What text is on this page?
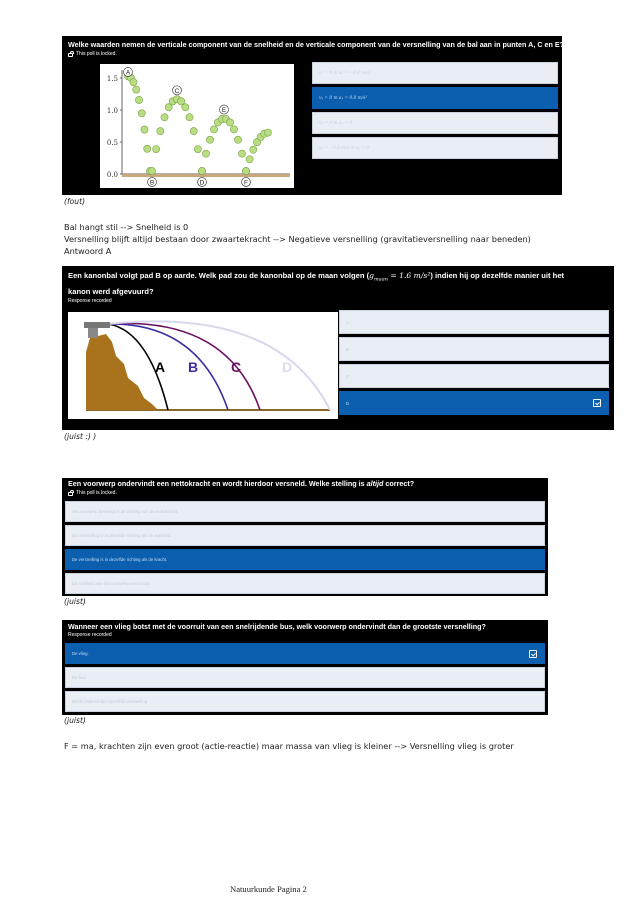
Welke waarden nemen de verticale component van de snelheid en de verticale component van de versnelling van de bal aan in punten A, C en E?
This poll is locked.
1.5
1.0
0.5
0.0
A
C
E
B	D	F
vᵧ = 0 m aᵧ = −9.8 m/s²
vᵧ = 0 m aᵧ = 9.8 m/s²
vᵧ = 0 m aᵧ = 0
vᵧ = −9.8 m/s m aᵧ = 0
(fout)
Bal hangt stil --> Snelheid is 0
Versnelling blijft altijd bestaan door zwaartekracht --> Negatieve versnelling (gravitatieversnelling naar beneden)
Antwoord A
Een kanonbal volgt pad B op aarde. Welk pad zou de kanonbal op de maan volgen ($g_{maan} = 1.6$ m/s²) indien hij op dezelfde manier uit het
kanon werd afgevuurd?
Response recorded
A B C	D
A
B
C
D
(juist :) )
Een voorwerp ondervindt een nettokracht en wordt hierdoor versneld. Welke stelling is altijd correct?
This poll is locked.
Het voorwerp beweegt in de richting van de nettokracht.
De versnelling is in dezelfde richting als de snelheid.
De versnelling is in dezelfde richting als de kracht.
De snelheid van het voorwerp neemt toe.
(juist)
Wanneer een vlieg botst met de voorruit van een snelrijdende bus, welk voorwerp ondervindt dan de grootste versnelling?
Response recorded
De vlieg.
De bus.
Beide ondervinden dezelfde versnelling.
(juist)
F = ma, krachten zijn even groot (actie-reactie) maar massa van vlieg is kleiner --> Versnelling vlieg is groter
Natuurkunde Pagina 2
